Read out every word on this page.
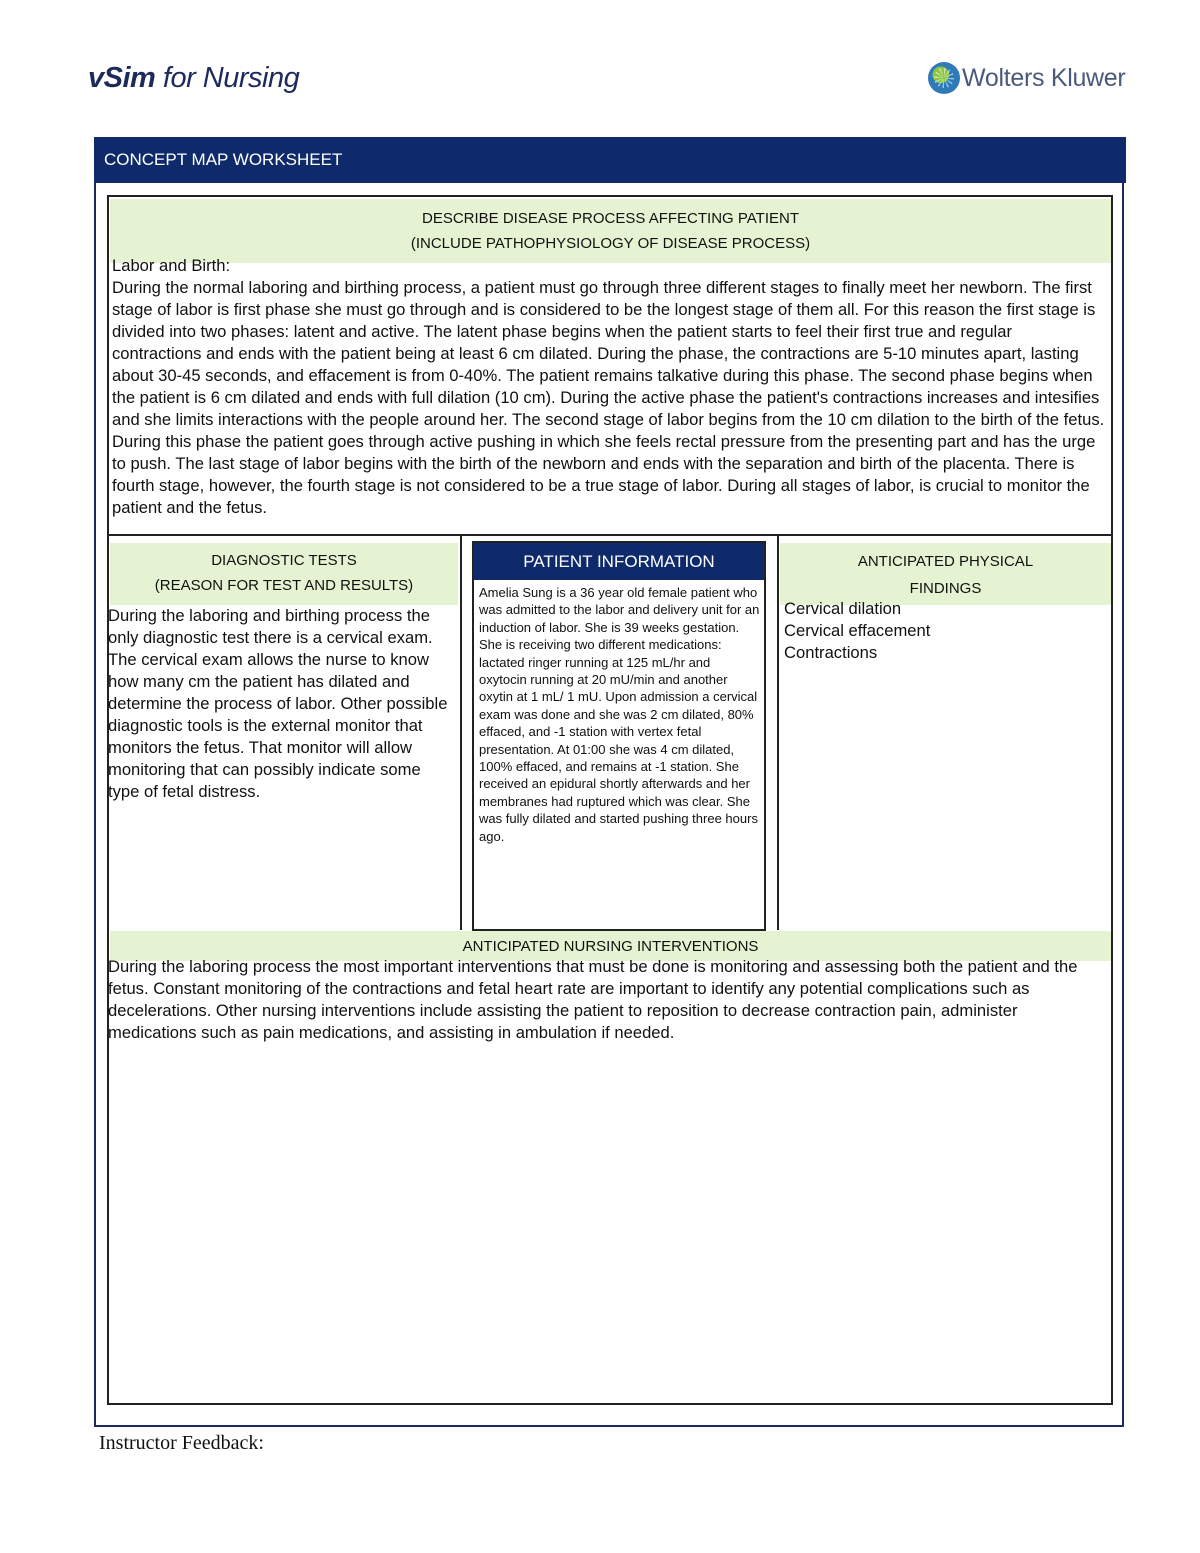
vSim for Nursing	Wolters Kluwer
CONCEPT MAP WORKSHEET
DESCRIBE DISEASE PROCESS AFFECTING PATIENT
(INCLUDE PATHOPHYSIOLOGY OF DISEASE PROCESS)
Labor and Birth:
During the normal laboring and birthing process, a patient must go through three different stages to finally meet her newborn. The first stage of labor is first phase she must go through and is considered to be the longest stage of them all. For this reason the first stage is divided into two phases: latent and active. The latent phase begins when the patient starts to feel their first true and regular contractions and ends with the patient being at least 6 cm dilated. During the phase, the contractions are 5-10 minutes apart, lasting about 30-45 seconds, and effacement is from 0-40%. The patient remains talkative during this phase. The second phase begins when the patient is 6 cm dilated and ends with full dilation (10 cm). During the active phase the patient's contractions increases and intesifies and she limits interactions with the people around her. The second stage of labor begins from the 10 cm dilation to the birth of the fetus. During this phase the patient goes through active pushing in which she feels rectal pressure from the presenting part and has the urge to push. The last stage of labor begins with the birth of the newborn and ends with the separation and birth of the placenta. There is fourth stage, however, the fourth stage is not considered to be a true stage of labor. During all stages of labor, is crucial to monitor the patient and the fetus.
DIAGNOSTIC TESTS
(REASON FOR TEST AND RESULTS)
During the laboring and birthing process the only diagnostic test there is a cervical exam. The cervical exam allows the nurse to know how many cm the patient has dilated and determine the process of labor. Other possible diagnostic tools is the external monitor that monitors the fetus. That monitor will allow monitoring that can possibly indicate some type of fetal distress.
PATIENT INFORMATION
Amelia Sung is a 36 year old female patient who was admitted to the labor and delivery unit for an induction of labor. She is 39 weeks gestation. She is receiving two different medications: lactated ringer running at 125 mL/hr and oxytocin running at 20 mU/min and another oxytin at 1 mL/ 1 mU. Upon admission a cervical exam was done and she was 2 cm dilated, 80% effaced, and -1 station with vertex fetal presentation. At 01:00 she was 4 cm dilated, 100% effaced, and remains at -1 station. She received an epidural shortly afterwards and her membranes had ruptured which was clear. She was fully dilated and started pushing three hours ago.
ANTICIPATED PHYSICAL
FINDINGS
Cervical dilation
Cervical effacement
Contractions
ANTICIPATED NURSING INTERVENTIONS
During the laboring process the most important interventions that must be done is monitoring and assessing both the patient and the fetus. Constant monitoring of the contractions and fetal heart rate are important to identify any potential complications such as decelerations. Other nursing interventions include assisting the patient to reposition to decrease contraction pain, administer medications such as pain medications, and assisting in ambulation if needed.
Instructor Feedback:
